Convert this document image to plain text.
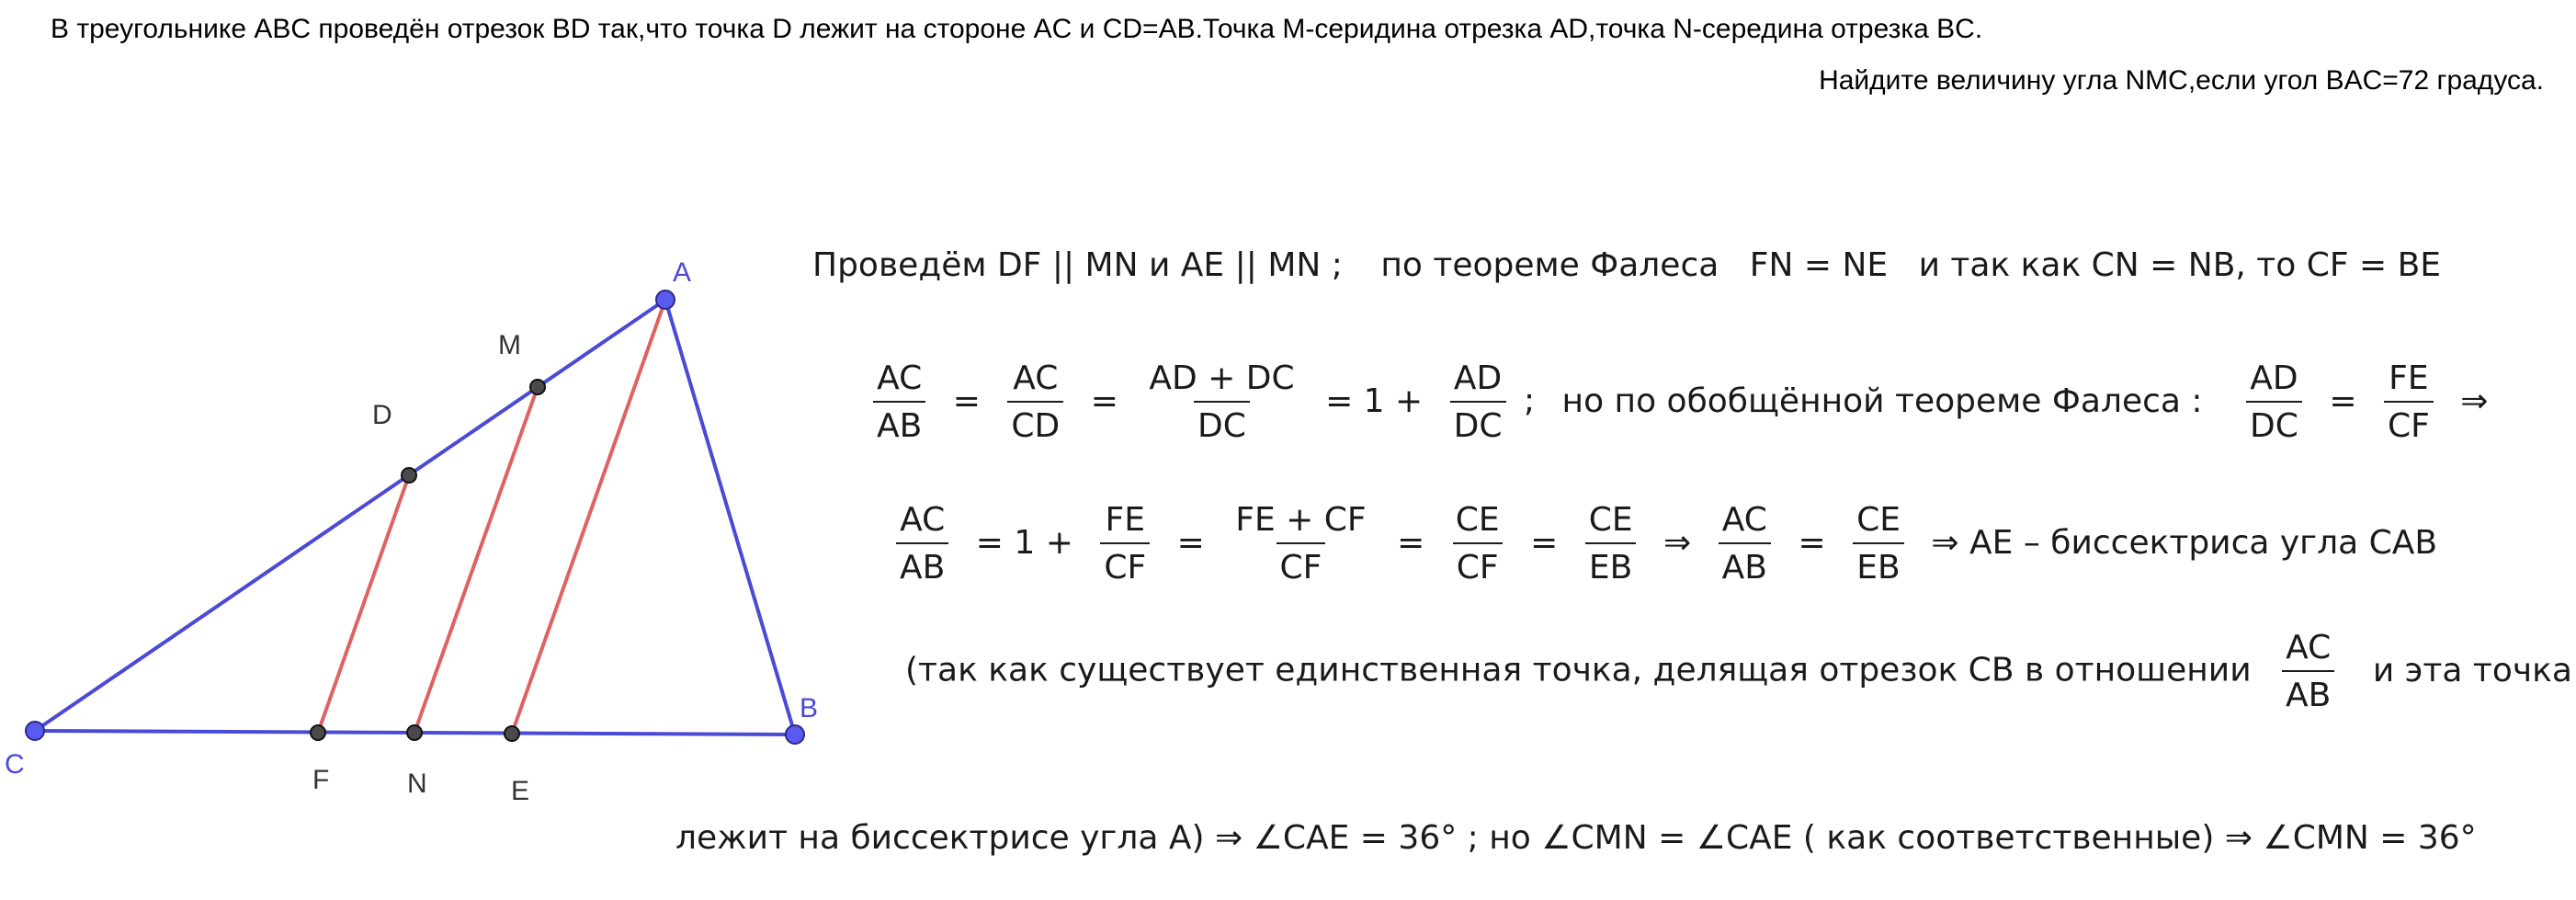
В треугольнике ABC проведён отрезок BD так,что точка D лежит на стороне AC и CD=AB.Точка M-серидина отрезка AD,точка N-середина отрезка BC.
Найдите величину угла NMC,если угол BAC=72 градуса.
A
B
C
D
M
F	N	E
Проведём DF || MN и AE || MN ; по теореме Фалеса FN = NE и так как CN = NB, то CF = BE
$\frac{AC}{AB} = \frac{AC}{CD} = \frac{AD + DC}{DC} = 1 + \frac{AD}{DC}$ ; но по обобщённой теореме Фалеса : $\frac{AD}{DC} = \frac{FE}{CF}$ ⇒
$\frac{AC}{AB} = 1 + \frac{FE}{CF} = \frac{FE + CF}{CF} = \frac{CE}{CF} = \frac{CE}{EB}$ ⇒ $\frac{AC}{AB} = \frac{CE}{EB}$ ⇒ AE – биссектриса угла CAB
(так как существует единственная точка, делящая отрезок CB в отношении $\frac{AC}{AB}$ и эта точка
лежит на биссектрисе угла A) ⇒ ∠CAE = 36° ; но ∠CMN = ∠CAE ( как соответственные) ⇒ ∠CMN = 36°
